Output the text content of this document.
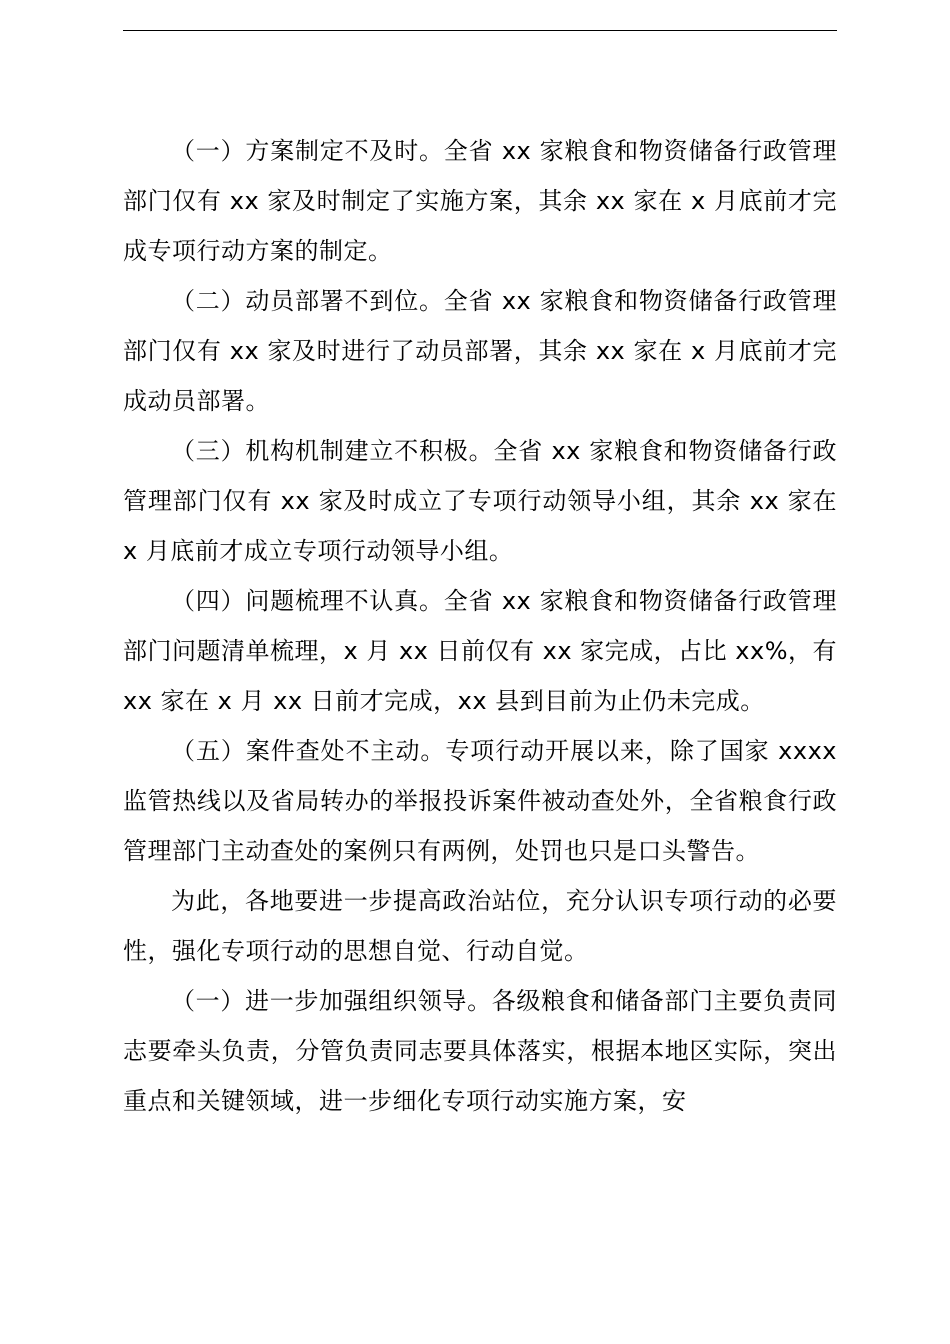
（一）方案制定不及时。全省 xx 家粮食和物资储备行政管理部门仅有 xx 家及时制定了实施方案，其余 xx 家在 x 月底前才完成专项行动方案的制定。

（二）动员部署不到位。全省 xx 家粮食和物资储备行政管理部门仅有 xx 家及时进行了动员部署，其余 xx 家在 x 月底前才完成动员部署。

（三）机构机制建立不积极。全省 xx 家粮食和物资储备行政管理部门仅有 xx 家及时成立了专项行动领导小组，其余 xx 家在 x 月底前才成立专项行动领导小组。

（四）问题梳理不认真。全省 xx 家粮食和物资储备行政管理部门问题清单梳理，x 月 xx 日前仅有 xx 家完成，占比 xx%，有 xx 家在 x 月 xx 日前才完成，xx 县到目前为止仍未完成。

（五）案件查处不主动。专项行动开展以来，除了国家 xxxx 监管热线以及省局转办的举报投诉案件被动查处外，全省粮食行政管理部门主动查处的案例只有两例，处罚也只是口头警告。

为此，各地要进一步提高政治站位，充分认识专项行动的必要性，强化专项行动的思想自觉、行动自觉。

（一）进一步加强组织领导。各级粮食和储备部门主要负责同志要牵头负责，分管负责同志要具体落实，根据本地区实际，突出重点和关键领域，进一步细化专项行动实施方案，安
